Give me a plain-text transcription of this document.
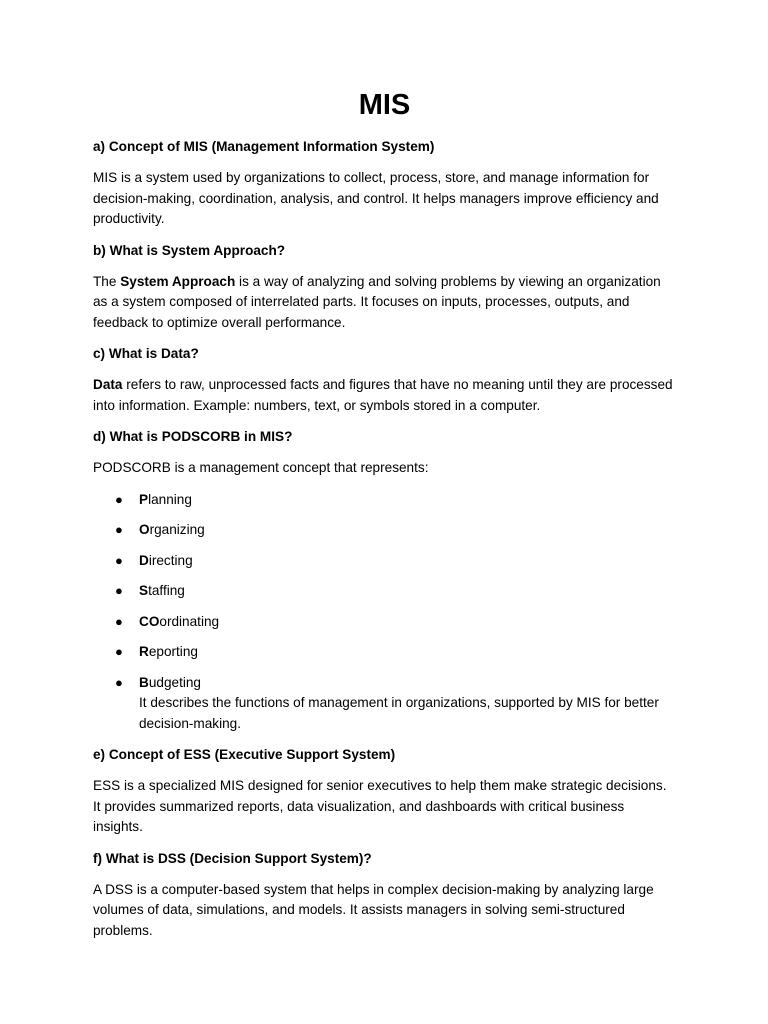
MIS
a) Concept of MIS (Management Information System)

MIS is a system used by organizations to collect, process, store, and manage information for decision-making, coordination, analysis, and control. It helps managers improve efficiency and productivity.

b) What is System Approach?

The System Approach is a way of analyzing and solving problems by viewing an organization as a system composed of interrelated parts. It focuses on inputs, processes, outputs, and feedback to optimize overall performance.

c) What is Data?

Data refers to raw, unprocessed facts and figures that have no meaning until they are processed into information. Example: numbers, text, or symbols stored in a computer.

d) What is PODSCORB in MIS?

PODSCORB is a management concept that represents:

● Planning
● Organizing
● Directing
● Staffing
● COordinating
● Reporting
● Budgeting
It describes the functions of management in organizations, supported by MIS for better decision-making.
e) Concept of ESS (Executive Support System)

ESS is a specialized MIS designed for senior executives to help them make strategic decisions. It provides summarized reports, data visualization, and dashboards with critical business insights.

f) What is DSS (Decision Support System)?

A DSS is a computer-based system that helps in complex decision-making by analyzing large volumes of data, simulations, and models. It assists managers in solving semi-structured problems.
